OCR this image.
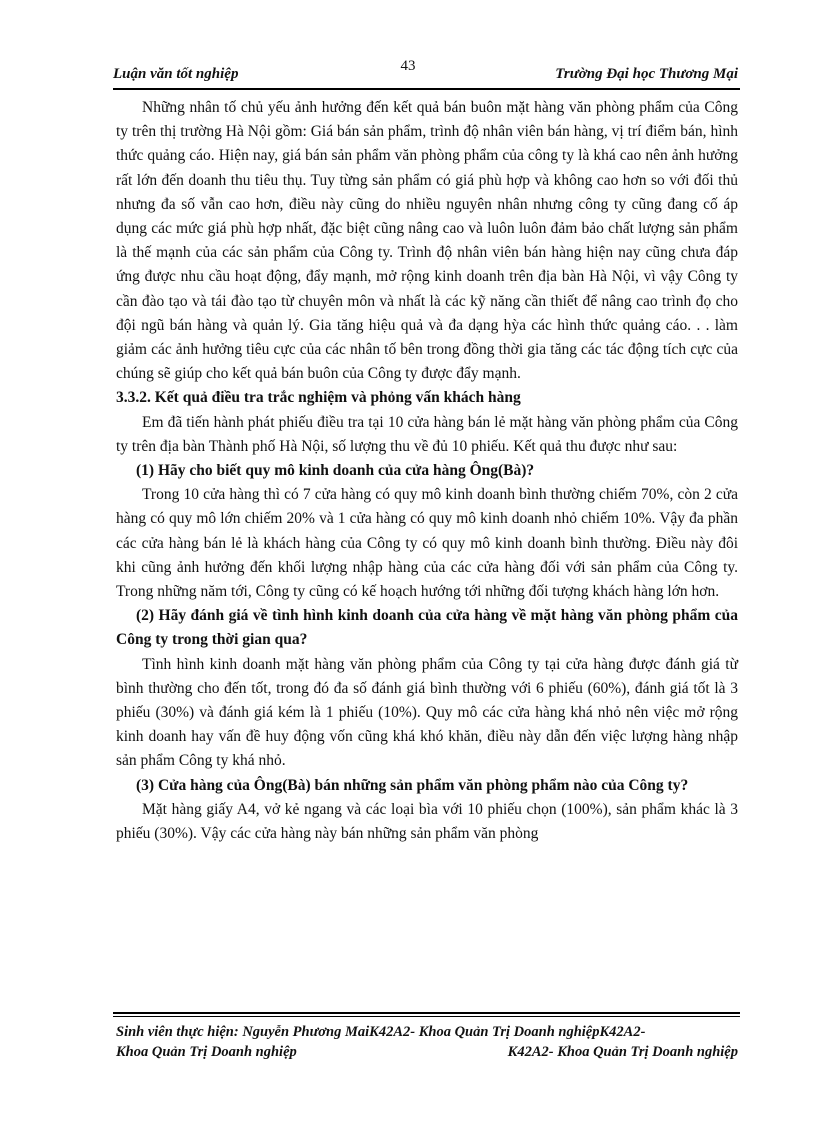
43
Luận văn tốt nghiệp	Trường Đại học Thương Mại

Những nhân tố chủ yếu ảnh hưởng đến kết quả bán buôn mặt hàng văn phòng phẩm của Công ty trên thị trường Hà Nội gồm: Giá bán sản phẩm, trình độ nhân viên bán hàng, vị trí điểm bán, hình thức quảng cáo. Hiện nay, giá bán sản phẩm văn phòng phẩm của công ty là khá cao nên ảnh hưởng rất lớn đến doanh thu tiêu thụ. Tuy từng sản phẩm có giá phù hợp và không cao hơn so với đối thủ nhưng đa số vẫn cao hơn, điều này cũng do nhiều nguyên nhân nhưng công ty cũng đang cố áp dụng các mức giá phù hợp nhất, đặc biệt cũng nâng cao và luôn luôn đảm bảo chất lượng sản phẩm là thế mạnh của các sản phẩm của Công ty. Trình độ nhân viên bán hàng hiện nay cũng chưa đáp ứng được nhu cầu hoạt động, đẩy mạnh, mở rộng kinh doanh trên địa bàn Hà Nội, vì vậy Công ty cần đào tạo và tái đào tạo từ chuyên môn và nhất là các kỹ năng cần thiết để nâng cao trình đọ cho đội ngũ bán hàng và quản lý. Gia tăng hiệu quả và đa dạng hỳa các hình thức quảng cáo. . . làm giảm các ảnh hưởng tiêu cực của các nhân tố bên trong đồng thời gia tăng các tác động tích cực của chúng sẽ giúp cho kết quả bán buôn của Công ty được đẩy mạnh.

3.3.2. Kết quả điều tra trắc nghiệm và phỏng vấn khách hàng

Em đã tiến hành phát phiếu điều tra tại 10 cửa hàng bán lẻ mặt hàng văn phòng phẩm của Công ty trên địa bàn Thành phố Hà Nội, số lượng thu về đủ 10 phiếu. Kết quả thu được như sau:

(1) Hãy cho biết quy mô kinh doanh của cửa hàng Ông(Bà)?

Trong 10 cửa hàng thì có 7 cửa hàng có quy mô kinh doanh bình thường chiếm 70%, còn 2 cửa hàng có quy mô lớn chiếm 20% và 1 cửa hàng có quy mô kinh doanh nhỏ chiếm 10%. Vậy đa phần các cửa hàng bán lẻ là khách hàng của Công ty có quy mô kinh doanh bình thường. Điều này đôi khi cũng ảnh hưởng đến khối lượng nhập hàng của các cửa hàng đối với sản phẩm của Công ty. Trong những năm tới, Công ty cũng có kế hoạch hướng tới những đối tượng khách hàng lớn hơn.

(2) Hãy đánh giá về tình hình kinh doanh của cửa hàng về mặt hàng văn phòng phẩm của Công ty trong thời gian qua?

Tình hình kinh doanh mặt hàng văn phòng phẩm của Công ty tại cửa hàng được đánh giá từ bình thường cho đến tốt, trong đó đa số đánh giá bình thường với 6 phiếu (60%), đánh giá tốt là 3 phiếu (30%) và đánh giá kém là 1 phiếu (10%). Quy mô các cửa hàng khá nhỏ nên việc mở rộng kinh doanh hay vấn đề huy động vốn cũng khá khó khăn, điều này dẫn đến việc lượng hàng nhập sản phẩm Công ty khá nhỏ.

(3) Cửa hàng của Ông(Bà) bán những sản phẩm văn phòng phẩm nào của Công ty?

Mặt hàng giấy A4, vở kẻ ngang và các loại bìa với 10 phiếu chọn (100%), sản phẩm khác là 3 phiếu (30%). Vậy các cửa hàng này bán những sản phẩm văn phòng

Sinh viên thực hiện: Nguyễn Phương MaiK42A2- Khoa Quản Trị Doanh nghiệpK42A2-
Khoa Quản Trị Doanh nghiệp	K42A2- Khoa Quản Trị Doanh nghiệp
